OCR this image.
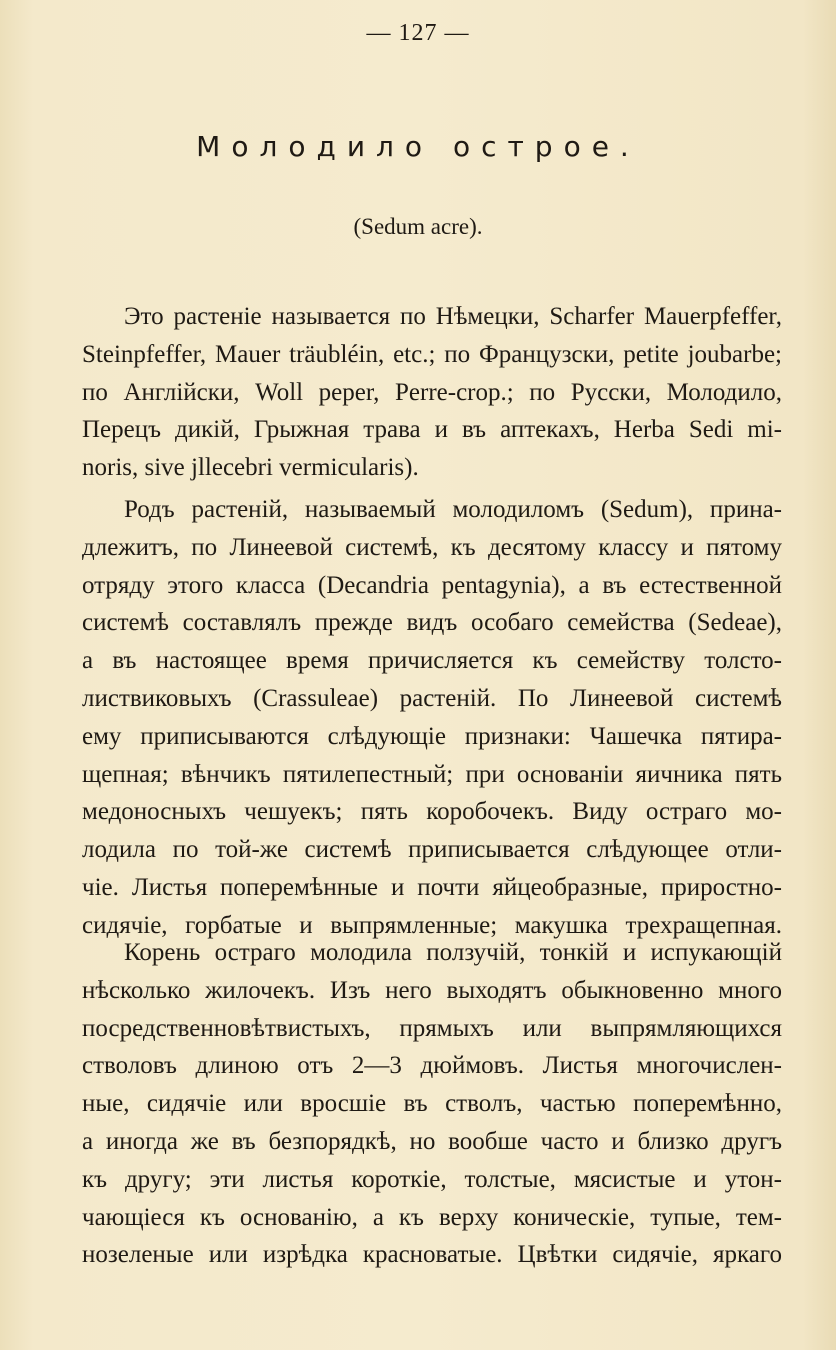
— 127 —
Молодило острое.
(Sedum acre).
Это растеніе называется по Нѣмецки, Scharfer Mauerpfeffer,
Steinpfeffer, Mauer träubléin, etc.; по Французски, petite joubarbe;
по Англійски, Woll peper, Perre-crop.; по Русски, Молодило,
Перецъ дикій, Грыжная трава и въ аптекахъ, Herba Sedi mi-
noris, sive jllecebri vermicularis).
Родъ растеній, называемый молодиломъ (Sedum), прина-
длежитъ, по Линеевой системѣ, къ десятому классу и пятому
отряду этого класса (Decandria pentagynia), а въ естественной
системѣ составлялъ прежде видъ особаго семейства (Sedeae),
а въ настоящее время причисляется къ семейству толсто-
листвиковыхъ (Crassuleae) растеній. По Линеевой системѣ
ему приписываются слѣдующіе признаки: Чашечка пятира-
щепная; вѣнчикъ пятилепестный; при основаніи яичника пять
медоносныхъ чешуекъ; пять коробочекъ. Виду остраго мо-
лодила по той-же системѣ приписывается слѣдующее отли-
чіе. Листья поперемѣнные и почти яйцеобразные, приростно-
сидячіе, горбатые и выпрямленные; макушка трехращепная.
Корень остраго молодила ползучій, тонкій и испукающій
нѣсколько жилочекъ. Изъ него выходятъ обыкновенно много
посредственновѣтвистыхъ, прямыхъ или выпрямляющихся
стволовъ длиною отъ 2—3 дюймовъ. Листья многочислен-
ные, сидячіе или вросшіе въ стволъ, частью поперемѣнно,
а иногда же въ безпорядкѣ, но вообше часто и близко другъ
къ другу; эти листья короткіе, толстые, мясистые и утон-
чающіеся къ основанію, а къ верху коническіе, тупые, тем-
нозеленые или изрѣдка красноватые. Цвѣтки сидячіе, яркаго
